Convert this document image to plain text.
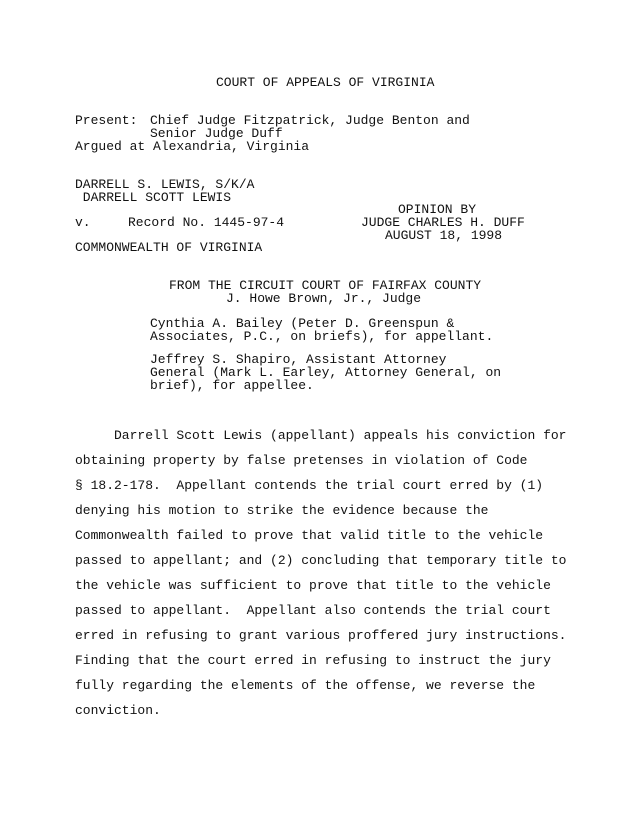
COURT OF APPEALS OF VIRGINIA
Present: Chief Judge Fitzpatrick, Judge Benton and
Senior Judge Duff
Argued at Alexandria, Virginia
DARRELL S. LEWIS, S/K/A
DARRELL SCOTT LEWIS
OPINION BY
v.	Record No. 1445-97-4	JUDGE CHARLES H. DUFF
AUGUST 18, 1998
COMMONWEALTH OF VIRGINIA
FROM THE CIRCUIT COURT OF FAIRFAX COUNTY
J. Howe Brown, Jr., Judge
Cynthia A. Bailey (Peter D. Greenspun &
Associates, P.C., on briefs), for appellant.
Jeffrey S. Shapiro, Assistant Attorney
General (Mark L. Earley, Attorney General, on
brief), for appellee.
Darrell Scott Lewis (appellant) appeals his conviction for
obtaining property by false pretenses in violation of Code
§ 18.2-178.  Appellant contends the trial court erred by (1)
denying his motion to strike the evidence because the
Commonwealth failed to prove that valid title to the vehicle
passed to appellant; and (2) concluding that temporary title to
the vehicle was sufficient to prove that title to the vehicle
passed to appellant.  Appellant also contends the trial court
erred in refusing to grant various proffered jury instructions.
Finding that the court erred in refusing to instruct the jury
fully regarding the elements of the offense, we reverse the
conviction.
